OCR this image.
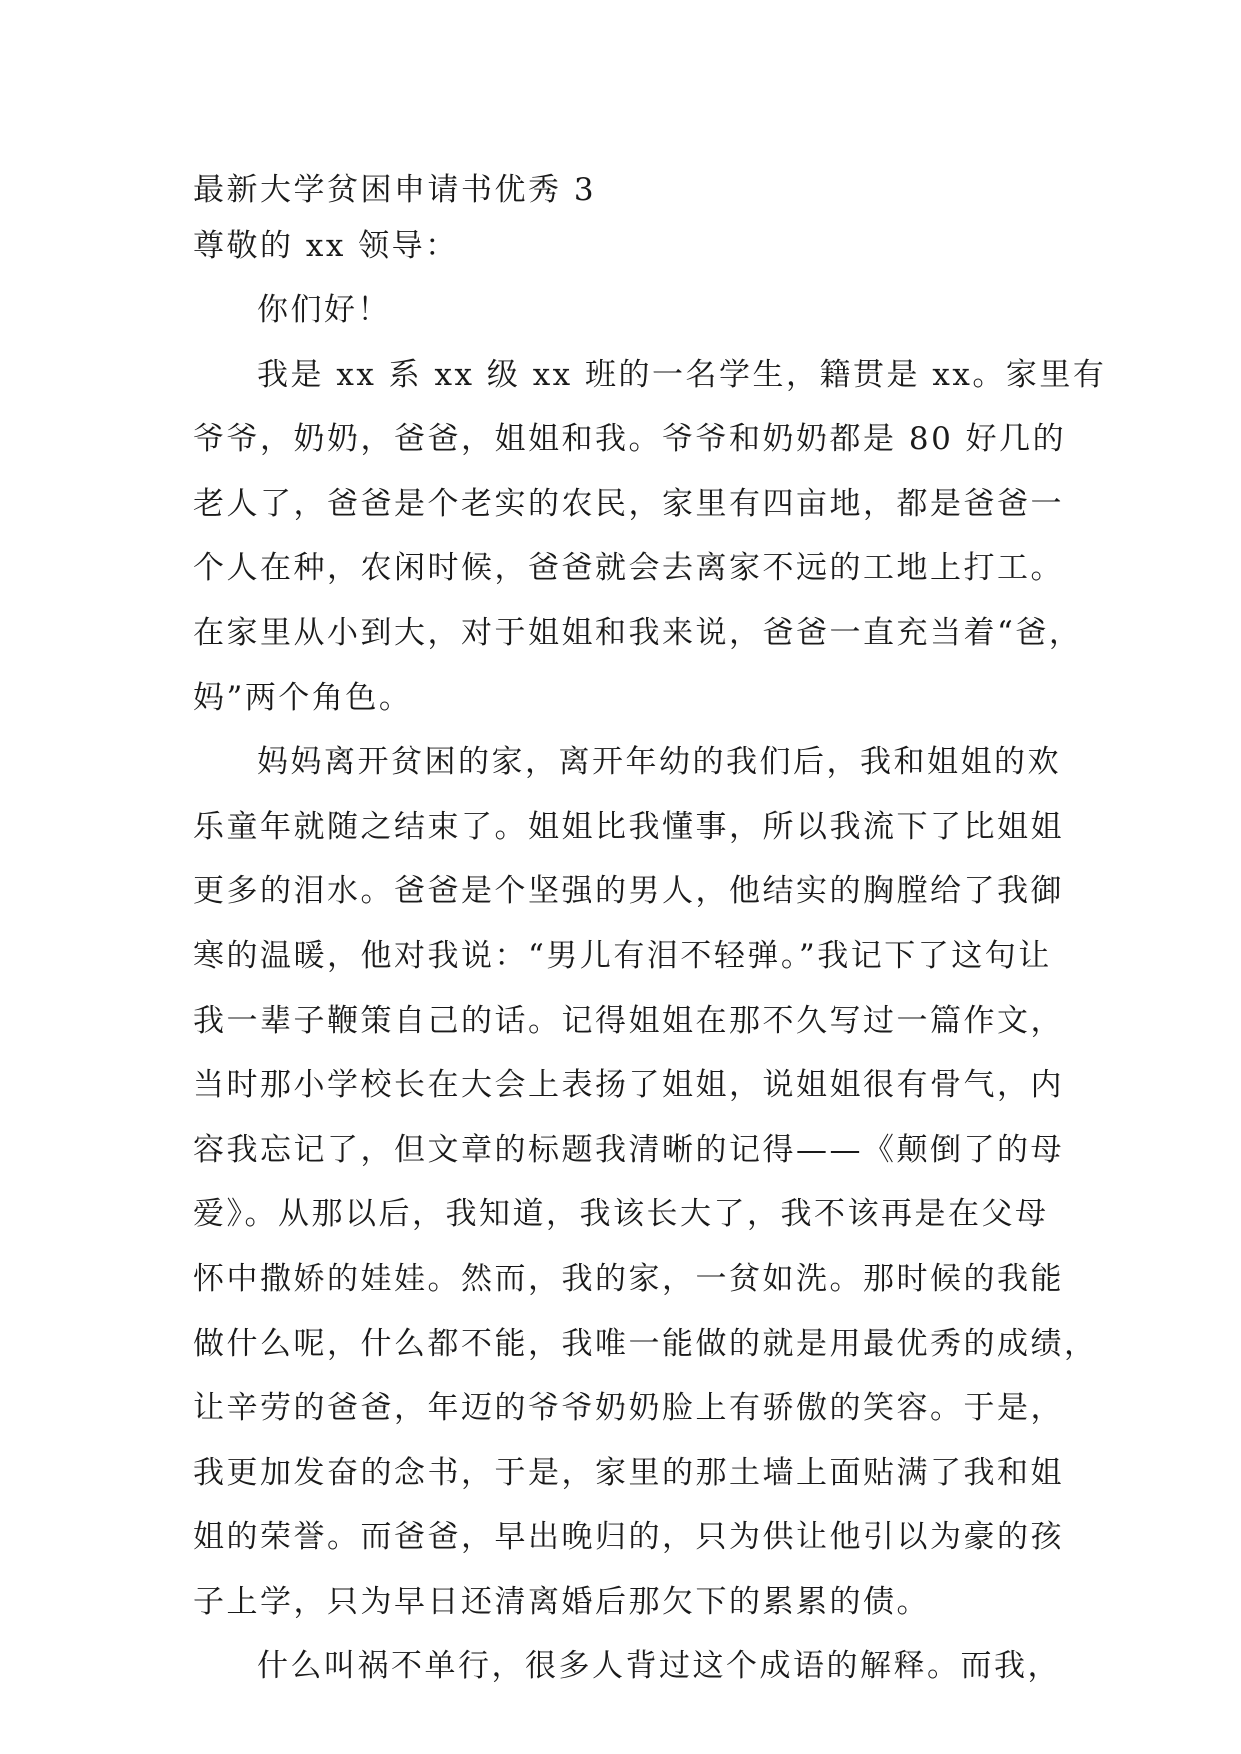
最新大学贫困申请书优秀 3
尊敬的 xx 领导：
你们好！
我是 xx 系 xx 级 xx 班的一名学生，籍贯是 xx。家里有
爷爷，奶奶，爸爸，姐姐和我。爷爷和奶奶都是 80 好几的
老人了，爸爸是个老实的农民，家里有四亩地，都是爸爸一
个人在种，农闲时候，爸爸就会去离家不远的工地上打工。
在家里从小到大，对于姐姐和我来说，爸爸一直充当着“爸，
妈”两个角色。
妈妈离开贫困的家，离开年幼的我们后，我和姐姐的欢
乐童年就随之结束了。姐姐比我懂事，所以我流下了比姐姐
更多的泪水。爸爸是个坚强的男人，他结实的胸膛给了我御
寒的温暖，他对我说：“男儿有泪不轻弹。”我记下了这句让
我一辈子鞭策自己的话。记得姐姐在那不久写过一篇作文，
当时那小学校长在大会上表扬了姐姐，说姐姐很有骨气，内
容我忘记了，但文章的标题我清晰的记得——《颠倒了的母
爱》。从那以后，我知道，我该长大了，我不该再是在父母
怀中撒娇的娃娃。然而，我的家，一贫如洗。那时候的我能
做什么呢，什么都不能，我唯一能做的就是用最优秀的成绩，
让辛劳的爸爸，年迈的爷爷奶奶脸上有骄傲的笑容。于是，
我更加发奋的念书，于是，家里的那土墙上面贴满了我和姐
姐的荣誉。而爸爸，早出晚归的，只为供让他引以为豪的孩
子上学，只为早日还清离婚后那欠下的累累的债。
什么叫祸不单行，很多人背过这个成语的解释。而我，
